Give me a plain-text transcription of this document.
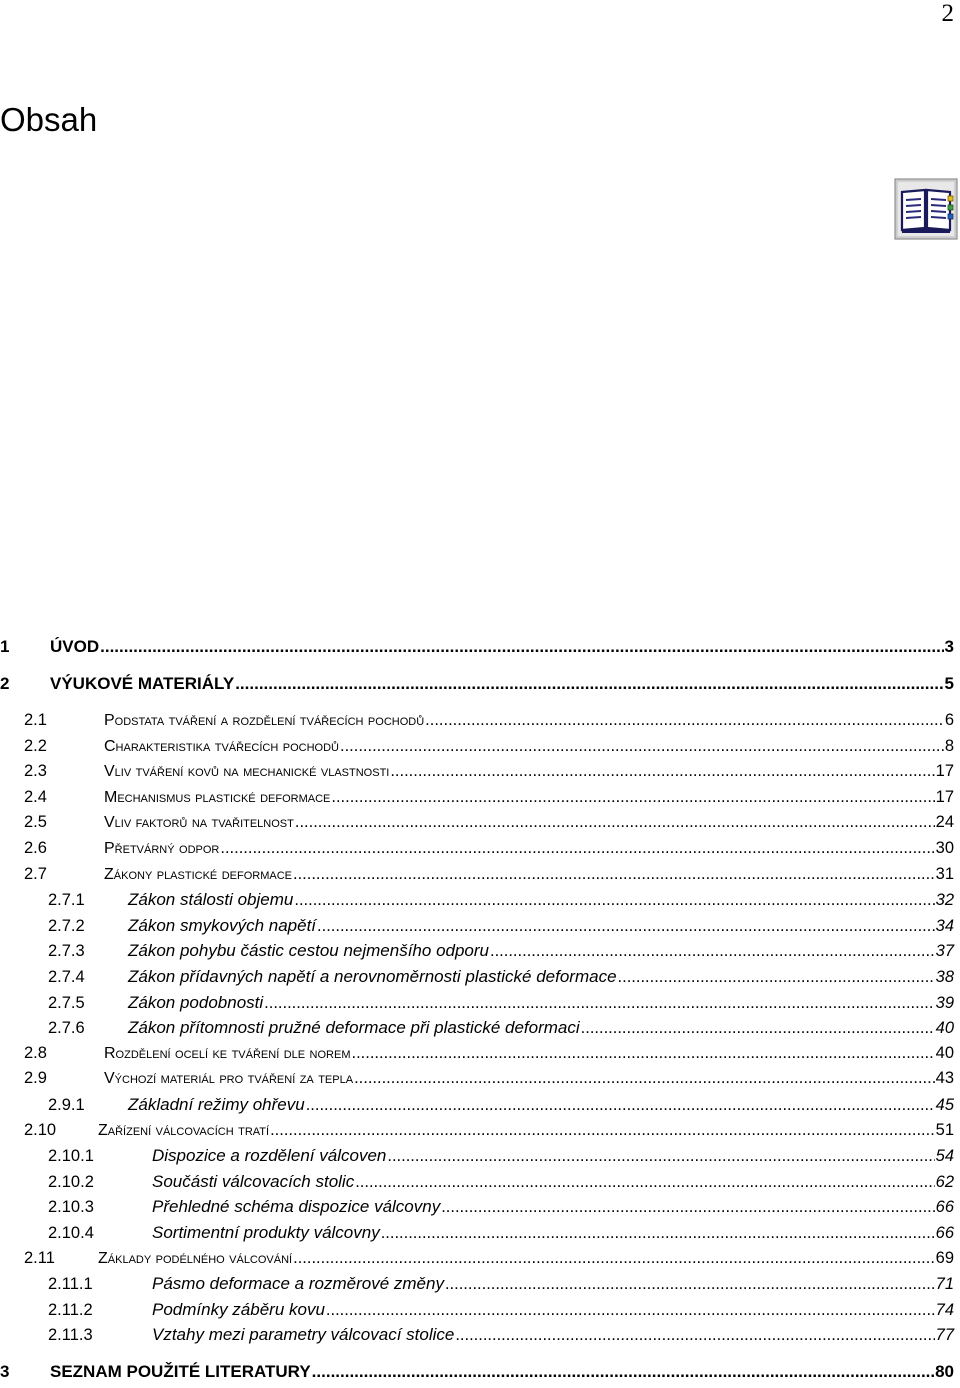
2
Obsah
1	ÚVOD .....	3
2	VÝUKOVÉ MATERIÁLY .....	5
2.1	Podstata tváření a rozdělení tvářecích pochodů .....	6
2.2	Charakteristika tvářecích pochodů .....	8
2.3	Vliv tváření kovů na mechanické vlastnosti .....	17
2.4	Mechanismus plastické deformace .....	17
2.5	Vliv faktorů na tvařitelnost .....	24
2.6	Přetvárný odpor .....	30
2.7	Zákony plastické deformace .....	31
2.7.1	Zákon stálosti objemu .....	32
2.7.2	Zákon smykových napětí .....	34
2.7.3	Zákon pohybu částic cestou nejmenšího odporu .....	37
2.7.4	Zákon přídavných napětí a nerovnoměrnosti plastické deformace .....	38
2.7.5	Zákon podobnosti .....	39
2.7.6	Zákon přítomnosti pružné deformace při plastické deformaci .....	40
2.8	Rozdělení ocelí ke tváření dle norem .....	40
2.9	Výchozí materiál pro tváření za tepla .....	43
2.9.1	Základní režimy ohřevu .....	45
2.10	Zařízení válcovacích tratí .....	51
2.10.1	Dispozice a rozdělení válcoven .....	54
2.10.2	Součásti válcovacích stolic .....	62
2.10.3	Přehledné schéma dispozice válcovny .....	66
2.10.4	Sortimentní produkty válcovny .....	66
2.11	Základy podélného válcování .....	69
2.11.1	Pásmo deformace a rozměrové změny .....	71
2.11.2	Podmínky záběru kovu .....	74
2.11.3	Vztahy mezi parametry válcovací stolice .....	77
3	SEZNAM POUŽITÉ LITERATURY .....	80
